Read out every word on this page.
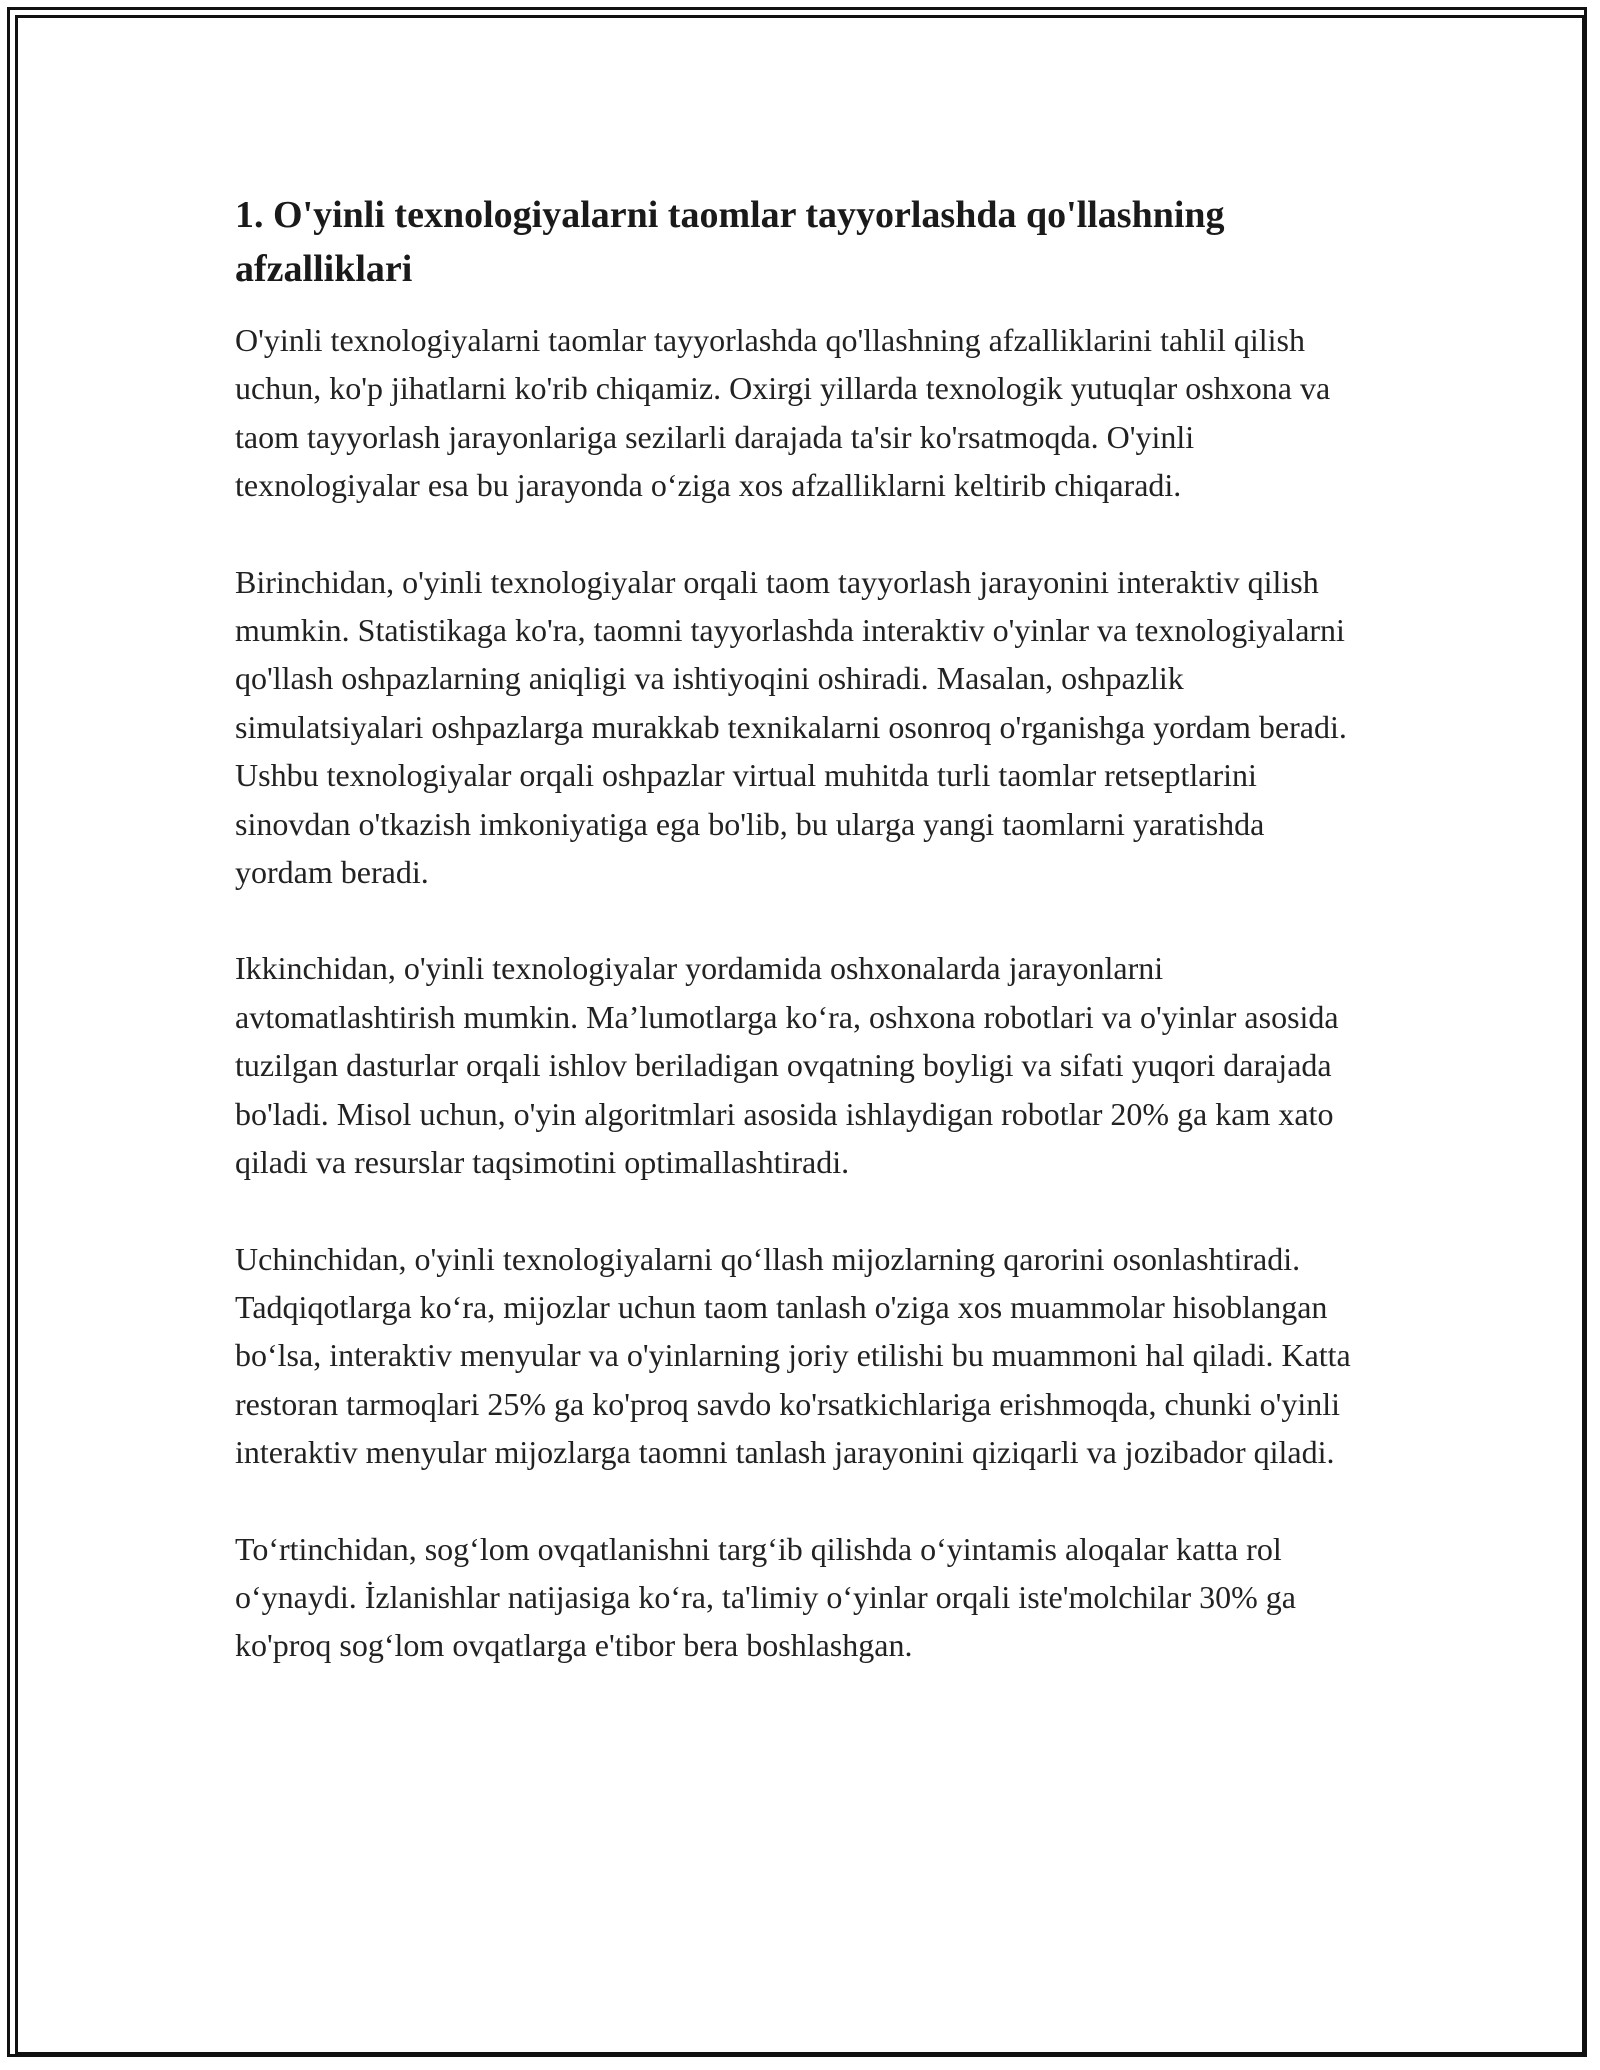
1. O'yinli texnologiyalarni taomlar tayyorlashda qo'llashning afzalliklari

O'yinli texnologiyalarni taomlar tayyorlashda qo'llashning afzalliklarini tahlil qilish uchun, ko'p jihatlarni ko'rib chiqamiz. Oxirgi yillarda texnologik yutuqlar oshxona va taom tayyorlash jarayonlariga sezilarli darajada ta'sir ko'rsatmoqda. O'yinli texnologiyalar esa bu jarayonda o‘ziga xos afzalliklarni keltirib chiqaradi.

Birinchidan, o'yinli texnologiyalar orqali taom tayyorlash jarayonini interaktiv qilish mumkin. Statistikaga ko'ra, taomni tayyorlashda interaktiv o'yinlar va texnologiyalarni qo'llash oshpazlarning aniqligi va ishtiyoqini oshiradi. Masalan, oshpazlik simulatsiyalari oshpazlarga murakkab texnikalarni osonroq o'rganishga yordam beradi. Ushbu texnologiyalar orqali oshpazlar virtual muhitda turli taomlar retseptlarini sinovdan o'tkazish imkoniyatiga ega bo'lib, bu ularga yangi taomlarni yaratishda yordam beradi.

Ikkinchidan, o'yinli texnologiyalar yordamida oshxonalarda jarayonlarni avtomatlashtirish mumkin. Ma’lumotlarga ko‘ra, oshxona robotlari va o'yinlar asosida tuzilgan dasturlar orqali ishlov beriladigan ovqatning boyligi va sifati yuqori darajada bo'ladi. Misol uchun, o'yin algoritmlari asosida ishlaydigan robotlar 20% ga kam xato qiladi va resurslar taqsimotini optimallashtiradi.

Uchinchidan, o'yinli texnologiyalarni qo‘llash mijozlarning qarorini osonlashtiradi. Tadqiqotlarga ko‘ra, mijozlar uchun taom tanlash o'ziga xos muammolar hisoblangan bo‘lsa, interaktiv menyular va o'yinlarning joriy etilishi bu muammoni hal qiladi. Katta restoran tarmoqlari 25% ga ko'proq savdo ko'rsatkichlariga erishmoqda, chunki o'yinli interaktiv menyular mijozlarga taomni tanlash jarayonini qiziqarli va jozibador qiladi.

To‘rtinchidan, sog‘lom ovqatlanishni targ‘ib qilishda o‘yintamis aloqalar katta rol o‘ynaydi. İzlanishlar natijasiga ko‘ra, ta'limiy o‘yinlar orqali iste'molchilar 30% ga ko'proq sog‘lom ovqatlarga e'tibor bera boshlashgan.
